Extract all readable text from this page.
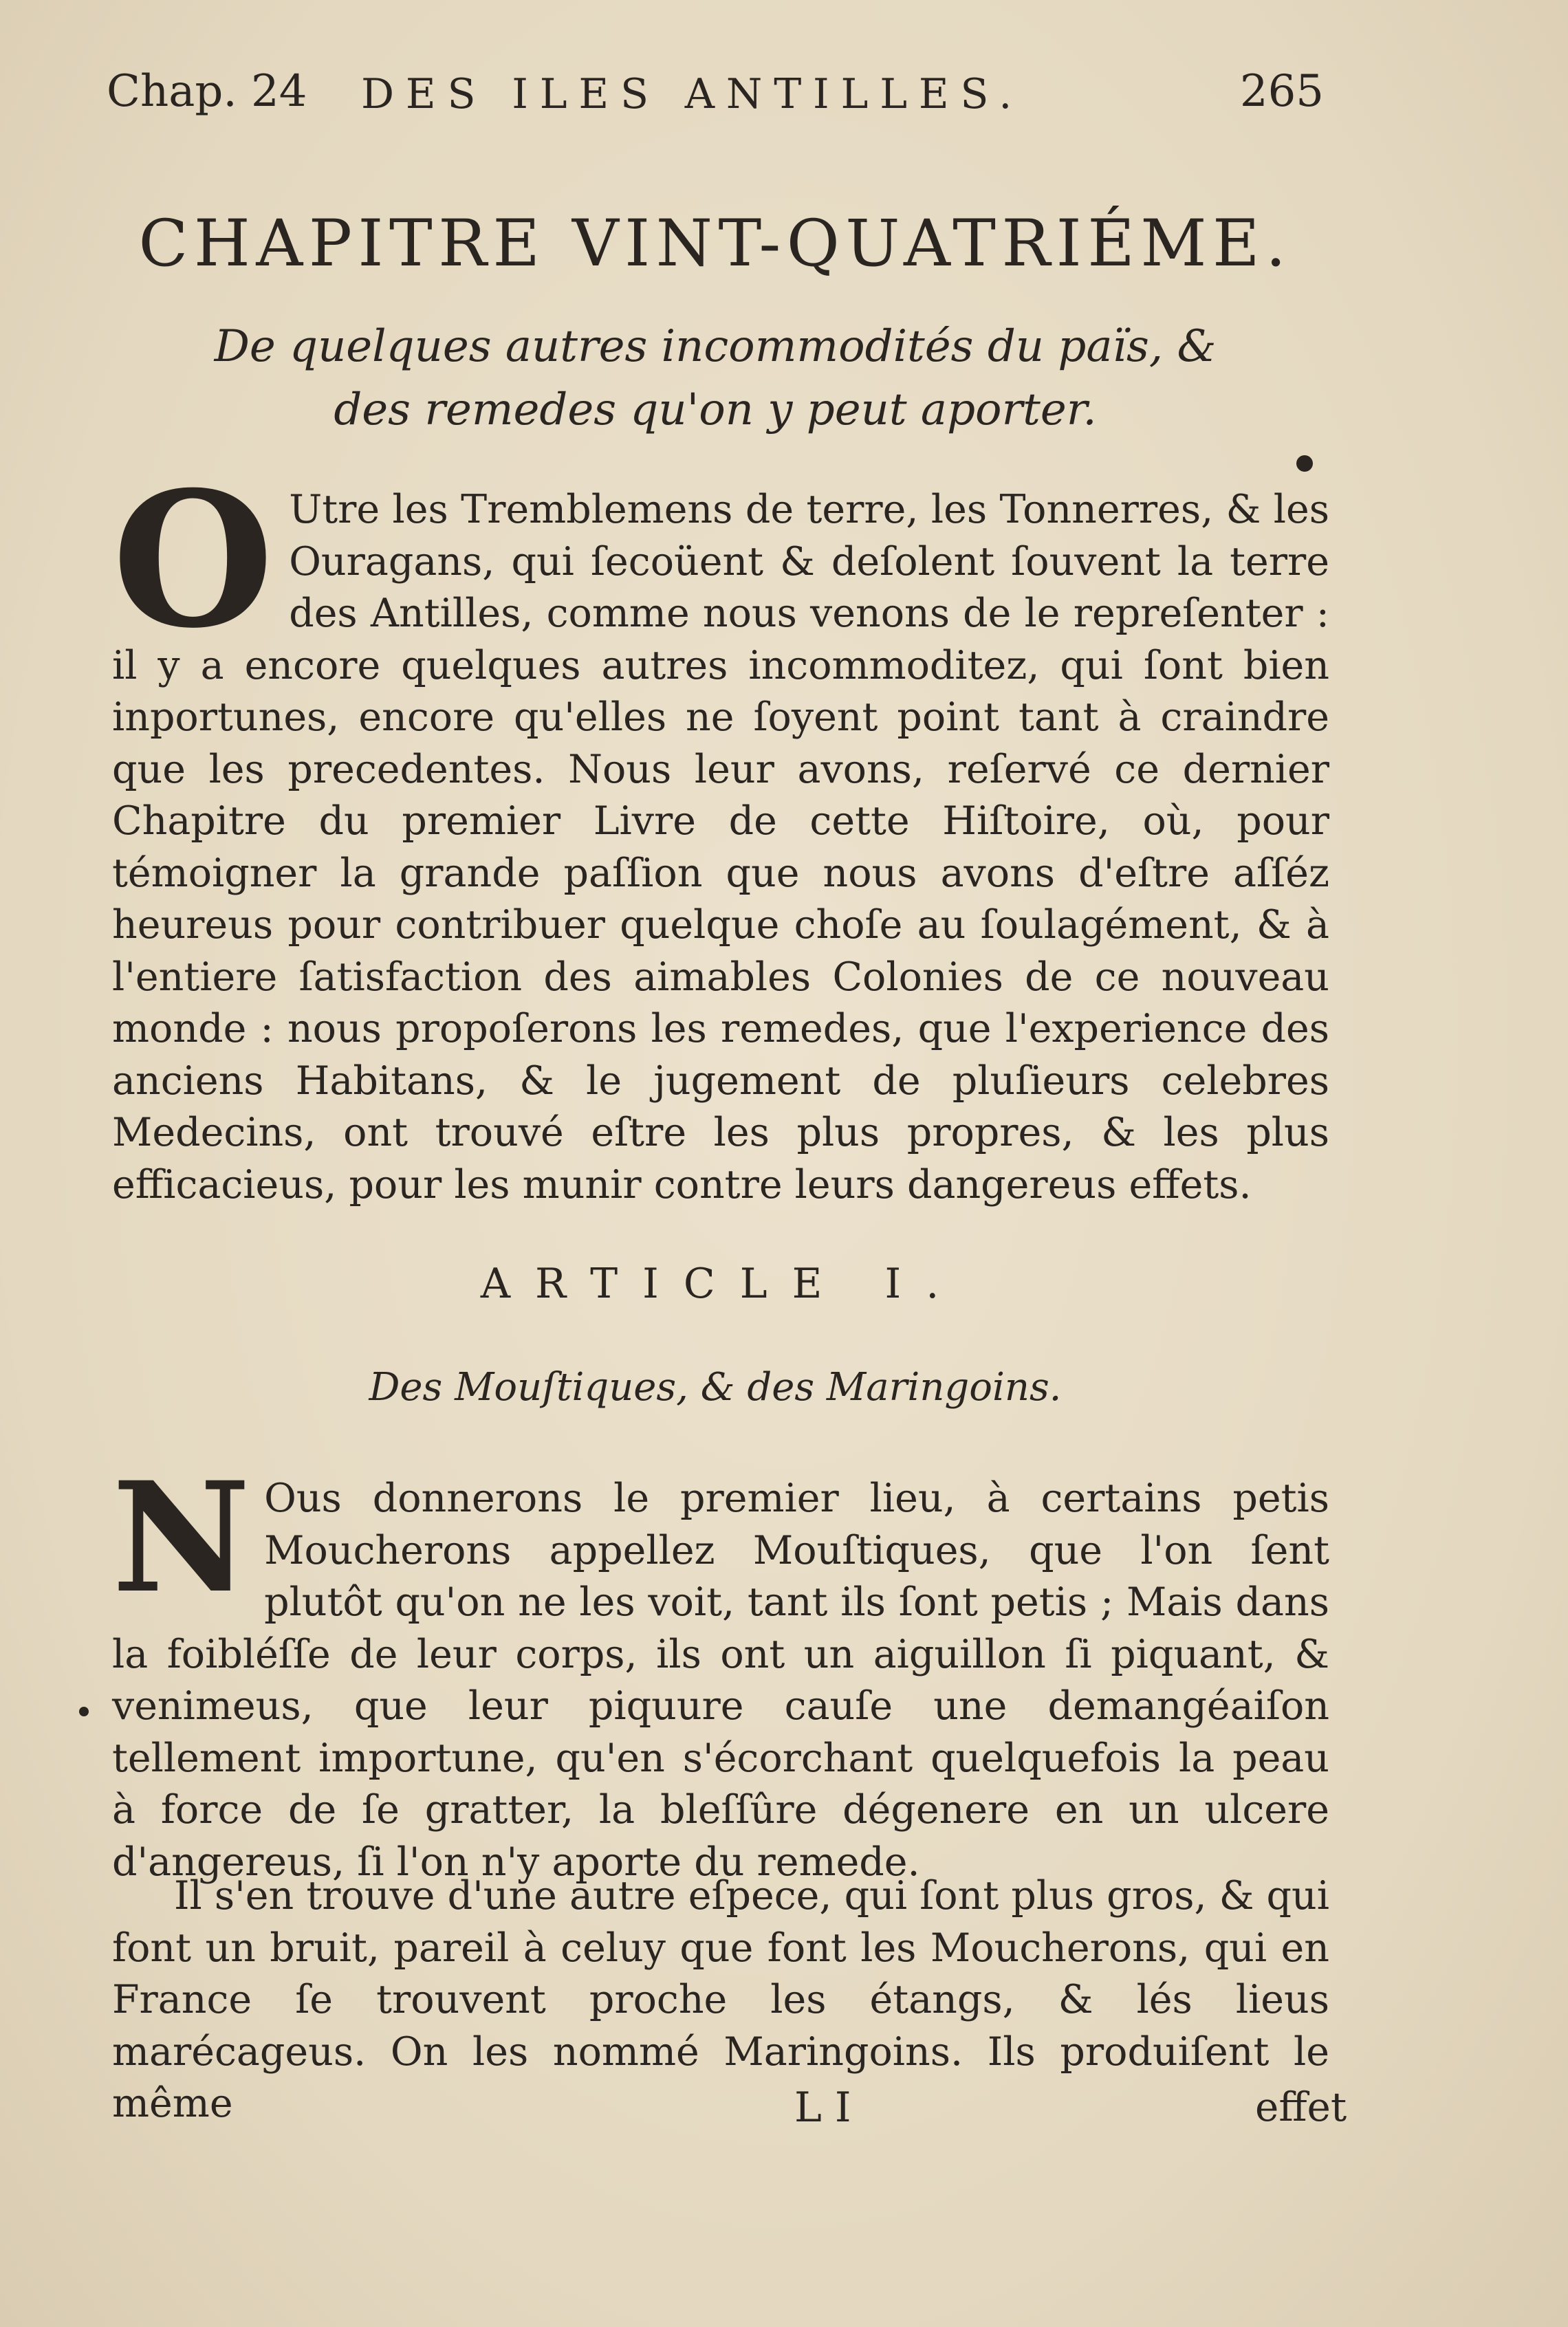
Chap. 24 DES ILES ANTILLES.	265
CHAPITRE VINT-QUATRIÉME.
De quelques autres incommodités du païs, & des remedes qu'on y peut aporter.
O Utre les Tremblemens de terre, les Tonnerres, & les Ouragans, qui ſecoüent & deſolent ſouvent la terre des Antilles, comme nous venons de le repreſenter : il y a encore quelques autres incommoditez, qui ſont bien inportunes, encore qu'elles ne ſoyent point tant à craindre que les precedentes. Nous leur avons, reſervé ce dernier Chapitre du premier Livre de cette Hiſtoire, où, pour témoigner la grande paſſion que nous avons d'eſtre aſſéz heureus pour contribuer quelque choſe au ſoulagément, & à l'entiere ſatisfaction des aimables Colonies de ce nouveau monde : nous propoſerons les remedes, que l'experience des anciens Habitans, & le jugement de pluſieurs celebres Medecins, ont trouvé eſtre les plus propres, & les plus efficacieus, pour les munir contre leurs dangereus effets.
ARTICLE I.
Des Mouſtiques, & des Maringoins.
N Ous donnerons le premier lieu, à certains petis Moucherons appellez Mouſtiques, que l'on ſent plutôt qu'on ne les voit, tant ils ſont petis ; Mais dans la foibléſſe de leur corps, ils ont un aiguillon ſi piquant, & venimeus, que leur piquure cauſe une demangéaiſon tellement importune, qu'en s'écorchant quelquefois la peau à force de ſe gratter, la bleſſûre dégenere en un ulcere d'angereus, ſi l'on n'y aporte du remede.
Il s'en trouve d'une autre eſpece, qui ſont plus gros, & qui font un bruit, pareil à celuy que font les Moucherons, qui en France ſe trouvent proche les étangs, & lés lieus marécageus. On les nommé Maringoins. Ils produiſent le même	L I	effet
